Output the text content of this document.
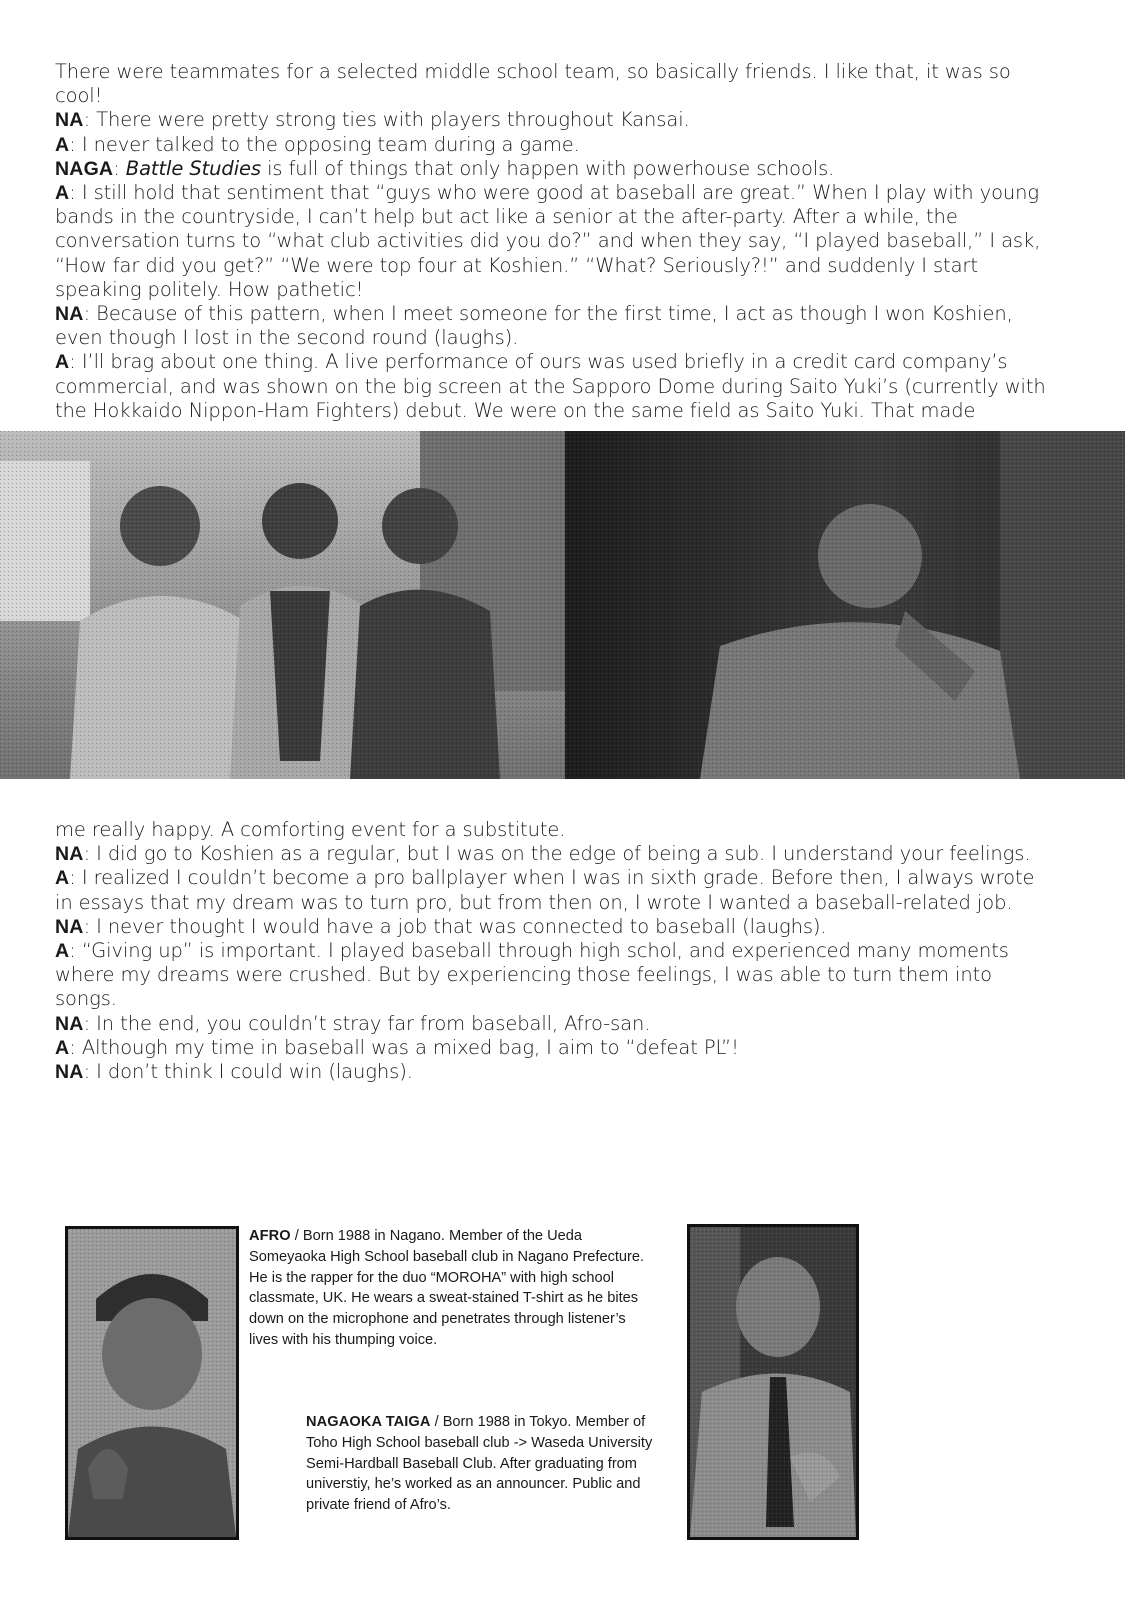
There were teammates for a selected middle school team, so basically friends. I like that, it was so cool!

NA: There were pretty strong ties with players throughout Kansai.

A: I never talked to the opposing team during a game.

NAGA: Battle Studies is full of things that only happen with powerhouse schools.

A: I still hold that sentiment that “guys who were good at baseball are great.” When I play with young bands in the countryside, I can’t help but act like a senior at the after-party. After a while, the conversation turns to “what club activities did you do?” and when they say, “I played baseball,” I ask, “How far did you get?” “We were top four at Koshien.” “What? Seriously?!” and suddenly I start speaking politely. How pathetic!

NA: Because of this pattern, when I meet someone for the first time, I act as though I won Koshien, even though I lost in the second round (laughs).

A: I’ll brag about one thing. A live performance of ours was used briefly in a credit card company’s commercial, and was shown on the big screen at the Sapporo Dome during Saito Yuki’s (currently with the Hokkaido Nippon-Ham Fighters) debut. We were on the same field as Saito Yuki. That made

me really happy. A comforting event for a substitute.

NA: I did go to Koshien as a regular, but I was on the edge of being a sub. I understand your feelings.

A: I realized I couldn’t become a pro ballplayer when I was in sixth grade. Before then, I always wrote in essays that my dream was to turn pro, but from then on, I wrote I wanted a baseball-related job.

NA: I never thought I would have a job that was connected to baseball (laughs).

A: “Giving up” is important. I played baseball through high schol, and experienced many moments where my dreams were crushed. But by experiencing those feelings, I was able to turn them into songs.

NA: In the end, you couldn’t stray far from baseball, Afro-san.

A: Although my time in baseball was a mixed bag, I aim to “defeat PL”!

NA: I don’t think I could win (laughs).

AFRO / Born 1988 in Nagano. Member of the Ueda Someyaoka High School baseball club in Nagano Prefecture. He is the rapper for the duo “MOROHA” with high school classmate, UK. He wears a sweat-stained T-shirt as he bites down on the microphone and penetrates through listener’s lives with his thumping voice.
NAGAOKA TAIGA / Born 1988 in Tokyo. Member of Toho High School baseball club -> Waseda University Semi-Hardball Baseball Club. After graduating from universtiy, he’s worked as an announcer. Public and private friend of Afro’s.
